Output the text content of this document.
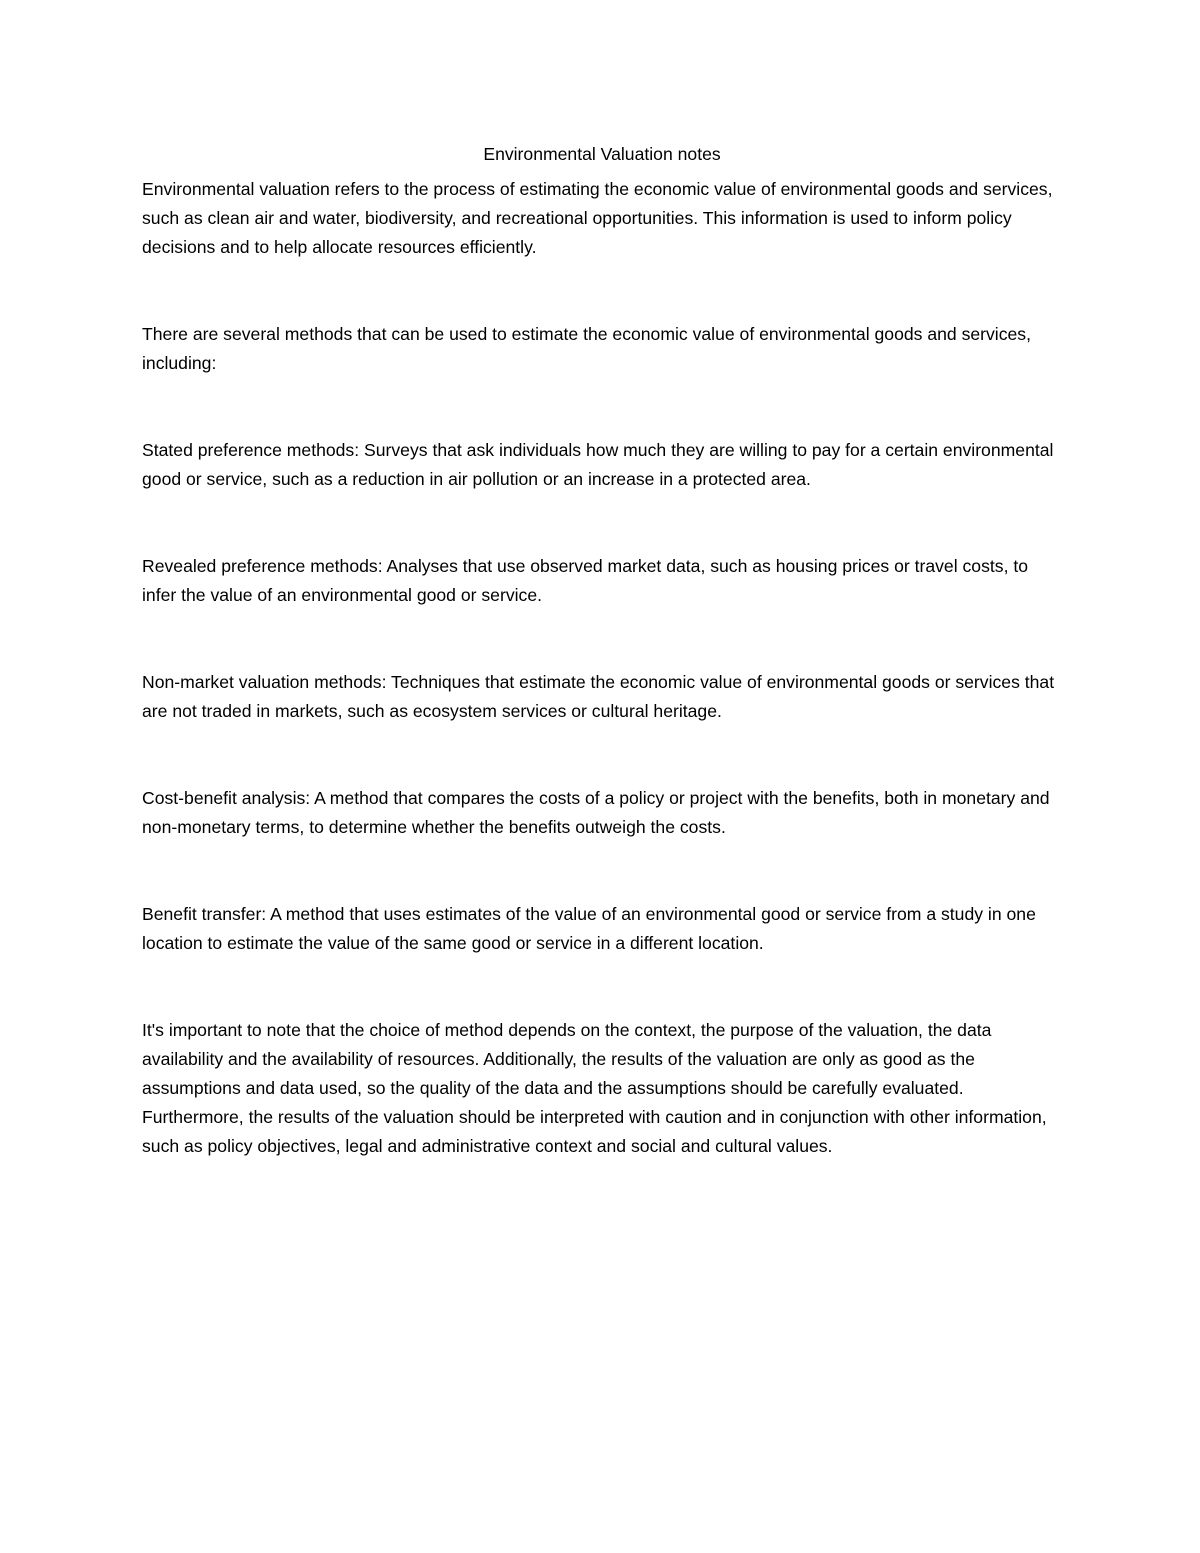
Environmental Valuation notes

Environmental valuation refers to the process of estimating the economic value of environmental goods and services, such as clean air and water, biodiversity, and recreational opportunities. This information is used to inform policy decisions and to help allocate resources efficiently.

There are several methods that can be used to estimate the economic value of environmental goods and services, including:

Stated preference methods: Surveys that ask individuals how much they are willing to pay for a certain environmental good or service, such as a reduction in air pollution or an increase in a protected area.

Revealed preference methods: Analyses that use observed market data, such as housing prices or travel costs, to infer the value of an environmental good or service.

Non-market valuation methods: Techniques that estimate the economic value of environmental goods or services that are not traded in markets, such as ecosystem services or cultural heritage.

Cost-benefit analysis: A method that compares the costs of a policy or project with the benefits, both in monetary and non-monetary terms, to determine whether the benefits outweigh the costs.

Benefit transfer: A method that uses estimates of the value of an environmental good or service from a study in one location to estimate the value of the same good or service in a different location.

It's important to note that the choice of method depends on the context, the purpose of the valuation, the data availability and the availability of resources. Additionally, the results of the valuation are only as good as the assumptions and data used, so the quality of the data and the assumptions should be carefully evaluated. Furthermore, the results of the valuation should be interpreted with caution and in conjunction with other information, such as policy objectives, legal and administrative context and social and cultural values.
